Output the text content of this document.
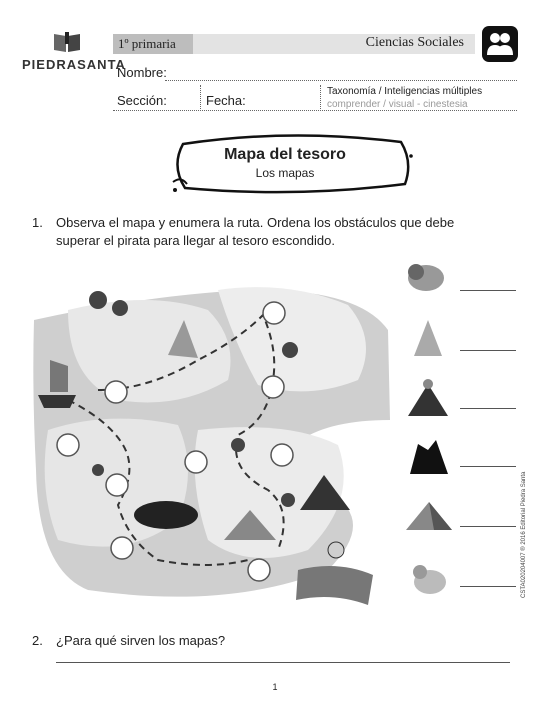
PIEDRASANTA
1º primaria	Ciencias Sociales
Nombre:
Sección:	Fecha:
Taxonomía / Inteligencias múltiples
comprender / visual - cinestesia
Mapa del tesoro
Los mapas
1. Observa el mapa y enumera la ruta. Ordena los obstáculos que debe superar el pirata para llegar al tesoro escondido.
2. ¿Para qué sirven los mapas?
CSTA020204007 ® 2016 Editorial Piedra Santa
1
